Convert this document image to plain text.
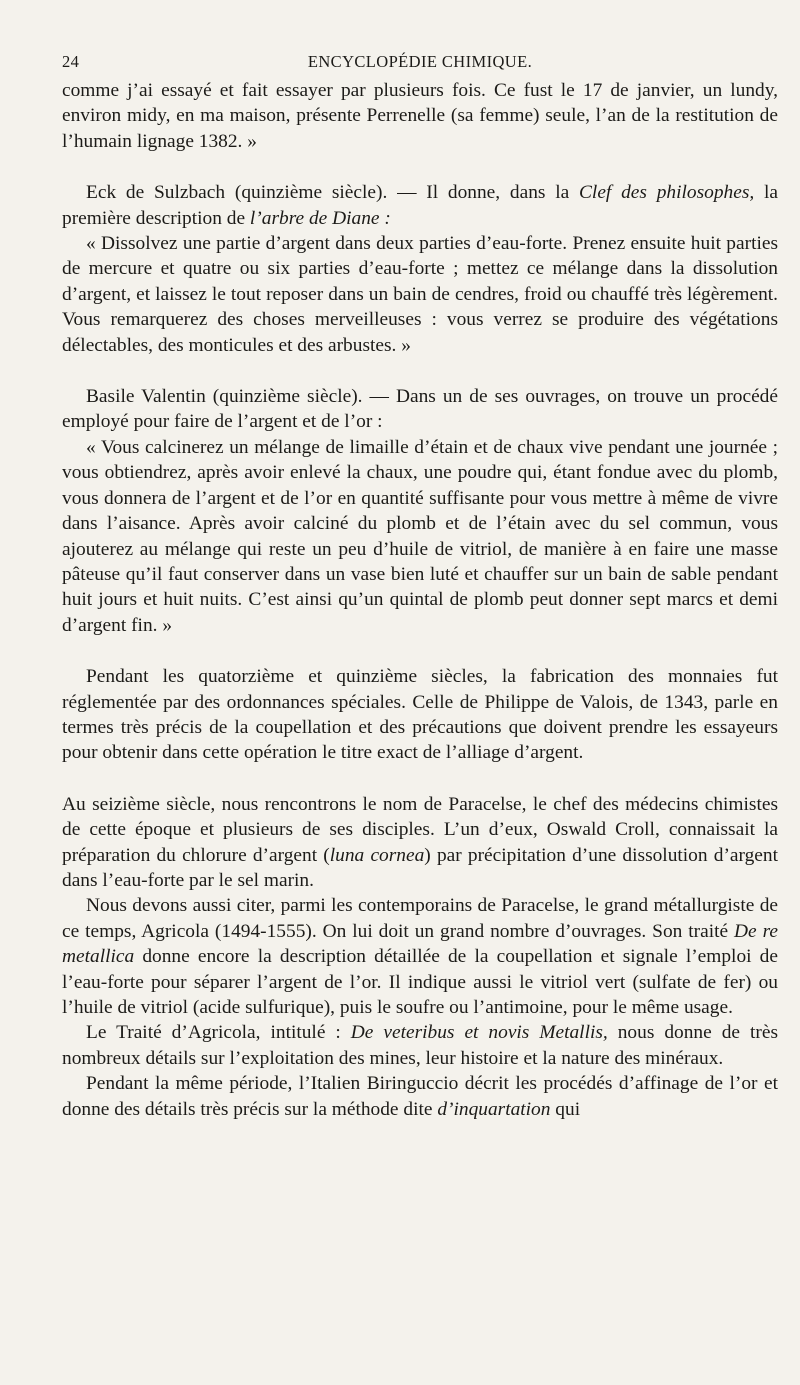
24	ENCYCLOPÉDIE CHIMIQUE.

comme j’ai essayé et fait essayer par plusieurs fois. Ce fust le 17 de janvier, un lundy, environ midy, en ma maison, présente Perrenelle (sa femme) seule, l’an de la restitution de l’humain lignage 1382. »

Eck de Sulzbach (quinzième siècle). — Il donne, dans la Clef des philosophes, la première description de l’arbre de Diane :

« Dissolvez une partie d’argent dans deux parties d’eau-forte. Prenez ensuite huit parties de mercure et quatre ou six parties d’eau-forte ; mettez ce mélange dans la dissolution d’argent, et laissez le tout reposer dans un bain de cendres, froid ou chauffé très légèrement. Vous remarquerez des choses merveilleuses : vous verrez se produire des végétations délectables, des monticules et des arbustes. »

Basile Valentin (quinzième siècle). — Dans un de ses ouvrages, on trouve un procédé employé pour faire de l’argent et de l’or :

« Vous calcinerez un mélange de limaille d’étain et de chaux vive pendant une journée ; vous obtiendrez, après avoir enlevé la chaux, une poudre qui, étant fondue avec du plomb, vous donnera de l’argent et de l’or en quantité suffisante pour vous mettre à même de vivre dans l’aisance. Après avoir calciné du plomb et de l’étain avec du sel commun, vous ajouterez au mélange qui reste un peu d’huile de vitriol, de manière à en faire une masse pâteuse qu’il faut conserver dans un vase bien luté et chauffer sur un bain de sable pendant huit jours et huit nuits. C’est ainsi qu’un quintal de plomb peut donner sept marcs et demi d’argent fin. »

Pendant les quatorzième et quinzième siècles, la fabrication des monnaies fut réglementée par des ordonnances spéciales. Celle de Philippe de Valois, de 1343, parle en termes très précis de la coupellation et des précautions que doivent prendre les essayeurs pour obtenir dans cette opération le titre exact de l’alliage d’argent.

Au seizième siècle, nous rencontrons le nom de Paracelse, le chef des médecins chimistes de cette époque et plusieurs de ses disciples. L’un d’eux, Oswald Croll, connaissait la préparation du chlorure d’argent (luna cornea) par précipitation d’une dissolution d’argent dans l’eau-forte par le sel marin.

Nous devons aussi citer, parmi les contemporains de Paracelse, le grand métallurgiste de ce temps, Agricola (1494-1555). On lui doit un grand nombre d’ouvrages. Son traité De re metallica donne encore la description détaillée de la coupellation et signale l’emploi de l’eau-forte pour séparer l’argent de l’or. Il indique aussi le vitriol vert (sulfate de fer) ou l’huile de vitriol (acide sulfurique), puis le soufre ou l’antimoine, pour le même usage.

Le Traité d’Agricola, intitulé : De veteribus et novis Metallis, nous donne de très nombreux détails sur l’exploitation des mines, leur histoire et la nature des minéraux.

Pendant la même période, l’Italien Biringuccio décrit les procédés d’affinage de l’or et donne des détails très précis sur la méthode dite d’inquartation qui
